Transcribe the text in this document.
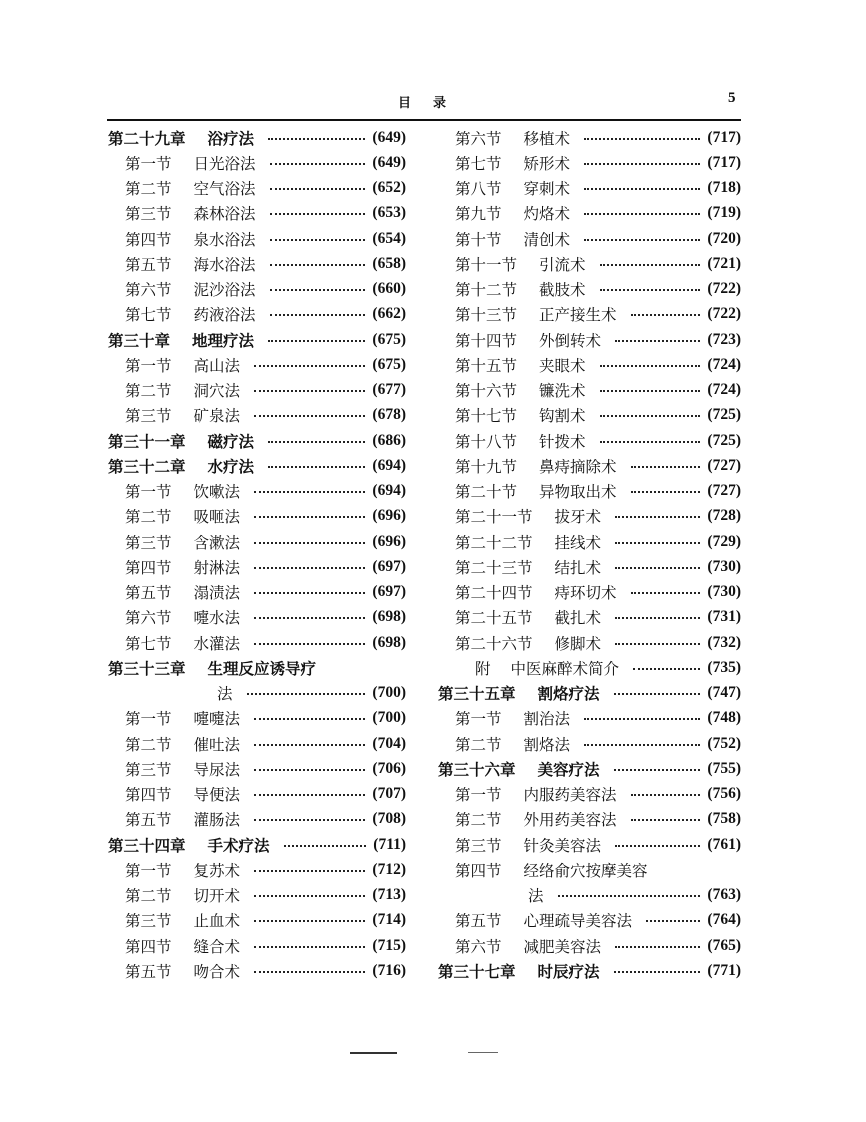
目录	5
第二十九章 浴疗法	(649)
第一节 日光浴法	(649)
第二节 空气浴法	(652)
第三节 森林浴法	(653)
第四节 泉水浴法	(654)
第五节 海水浴法	(658)
第六节 泥沙浴法	(660)
第七节 药液浴法	(662)
第三十章 地理疗法	(675)
第一节 高山法	(675)
第二节 洞穴法	(677)
第三节 矿泉法	(678)
第三十一章 磁疗法	(686)
第三十二章 水疗法	(694)
第一节 饮嗽法	(694)
第二节 吸咂法	(696)
第三节 含漱法	(696)
第四节 射淋法	(697)
第五节 溻渍法	(697)
第六节 嚏水法	(698)
第七节 水灌法	(698)
第三十三章 生理反应诱导疗
法	(700)
第一节 嚏嚏法	(700)
第二节 催吐法	(704)
第三节 导尿法	(706)
第四节 导便法	(707)
第五节 灌肠法	(708)
第三十四章 手术疗法	(711)
第一节 复苏术	(712)
第二节 切开术	(713)
第三节 止血术	(714)
第四节 缝合术	(715)
第五节 吻合术	(716)
第六节 移植术	(717)
第七节 矫形术	(717)
第八节 穿刺术	(718)
第九节 灼烙术	(719)
第十节 清创术	(720)
第十一节 引流术	(721)
第十二节 截肢术	(722)
第十三节 正产接生术	(722)
第十四节 外倒转术	(723)
第十五节 夹眼术	(724)
第十六节 镰洗术	(724)
第十七节 钩割术	(725)
第十八节 针拨术	(725)
第十九节 鼻痔摘除术	(727)
第二十节 异物取出术	(727)
第二十一节 拔牙术	(728)
第二十二节 挂线术	(729)
第二十三节 结扎术	(730)
第二十四节 痔环切术	(730)
第二十五节 截扎术	(731)
第二十六节 修脚术	(732)
附 中医麻醉术简介	(735)
第三十五章 割烙疗法	(747)
第一节 割治法	(748)
第二节 割烙法	(752)
第三十六章 美容疗法	(755)
第一节 内服药美容法	(756)
第二节 外用药美容法	(758)
第三节 针灸美容法	(761)
第四节 经络俞穴按摩美容
法	(763)
第五节 心理疏导美容法	(764)
第六节 减肥美容法	(765)
第三十七章 时辰疗法	(771)
